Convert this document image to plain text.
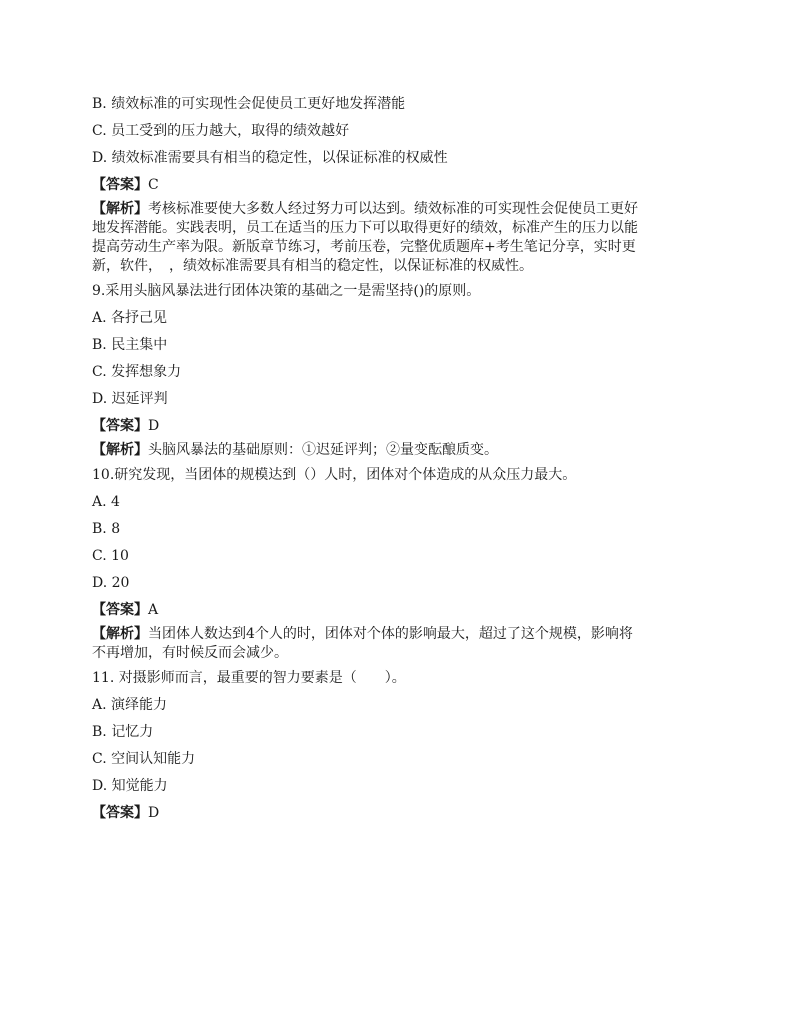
B. 绩效标准的可实现性会促使员工更好地发挥潜能
C. 员工受到的压力越大，取得的绩效越好
D. 绩效标准需要具有相当的稳定性，以保证标准的权威性
【答案】C
【解析】考核标准要使大多数人经过努力可以达到。绩效标准的可实现性会促使员工更好
地发挥潜能。实践表明，员工在适当的压力下可以取得更好的绩效，标准产生的压力以能
提高劳动生产率为限。新版章节练习，考前压卷，完整优质题库+考生笔记分享，实时更
新，软件，　，绩效标准需要具有相当的稳定性，以保证标准的权威性。
9.采用头脑风暴法进行团体决策的基础之一是需坚持()的原则。
A. 各抒己见
B. 民主集中
C. 发挥想象力
D. 迟延评判
【答案】D
【解析】头脑风暴法的基础原则：①迟延评判；②量变酝酿质变。
10.研究发现，当团体的规模达到（）人时，团体对个体造成的从众压力最大。
A. 4
B. 8
C. 10
D. 20
【答案】A
【解析】当团体人数达到4个人的时，团体对个体的影响最大，超过了这个规模，影响将
不再增加，有时候反而会减少。
11. 对摄影师而言，最重要的智力要素是（　　）。
A. 演绎能力
B. 记忆力
C. 空间认知能力
D. 知觉能力
【答案】D
